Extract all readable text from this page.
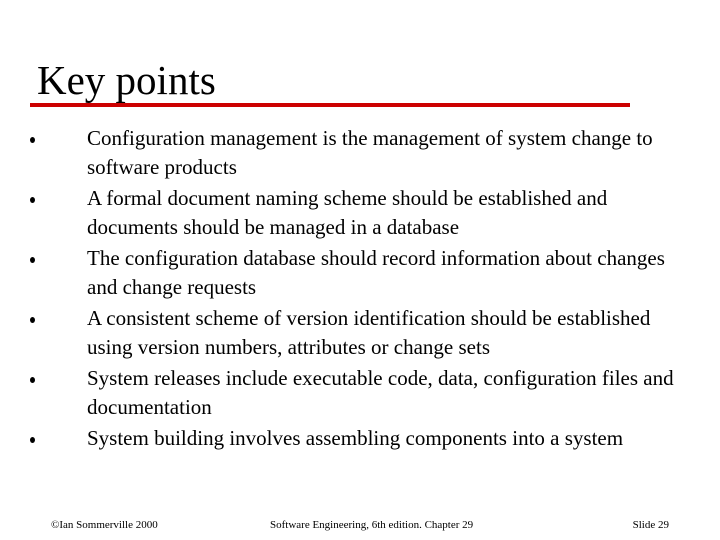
Key points
Configuration management is the management of system change to software products
A formal document naming scheme should be established and documents should be managed in a database
The configuration database should record information about changes and change requests
A consistent scheme of version identification should be established using version numbers, attributes or change sets
System releases include executable code, data, configuration files and documentation
System building involves assembling components into a system
©Ian Sommerville 2000	Software Engineering, 6th edition. Chapter 29	Slide 29
